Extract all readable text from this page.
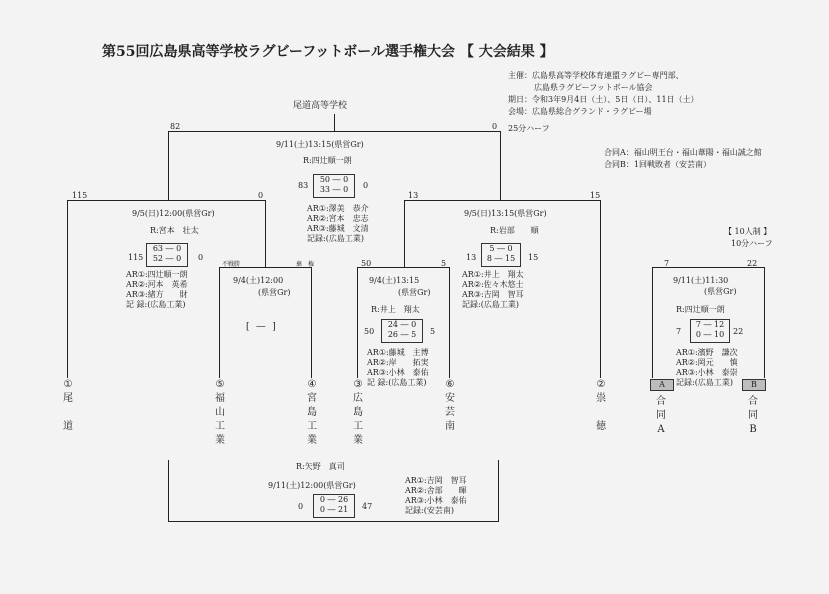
第55回広島県高等学校ラグビーフットボール選手権大会 【 大会結果 】
主催：広島県高等学校体育連盟ラグビー専門部、
広島県ラグビーフットボール協会
期日：令和3年9月4日（土）、5日（日）、11日（土）
会場：広島県総合グランド・ラグビー場
25分ハーフ
合同A：福山明王台・福山葦陽・福山誠之館
合同B：1回戦敗者（安芸南）
尾道高等学校
82	0
9/11(土)13:15(県営Gr)
R:四辻順一朗
83
50 ― 0
33 ― 0	0
AR①:澤美　恭介
AR②:宮本　忠志
AR③:藤城　文清
記録:(広島工業)
115	0
9/5(日)12:00(県営Gr)
R:宮本　壮太
115
63 ― 0
52 ― 0	0
AR①:四辻順一朗
AR②:河本　英希
AR③:緒方　　財
記 録:(広島工業)
13	15
9/5(日)13:15(県営Gr)
R:岩部　　順
13
5 ― 0
8 ― 15	15
AR①:井上　翔太
AR②:佐々木悠士
AR③:吉岡　智耳
記録:(広島工業)
不戦勝	棄　権
9/4(土)12:00
(県営Gr)
[ ― ]
50	5
9/4(土)13:15
(県営Gr)
R:井上　翔太
50
24 ― 0
26 ― 5	5
AR①:藤城　主博
AR②:岸　　拓実
AR③:小林　泰佑
記 録:(広島工業)
【 10人制 】
10分ハーフ
7	22
9/11(土)11:30
(県営Gr)
R:四辻順一朗
7
7 ― 12
0 ― 10	22
AR①:濱野　謙次
AR②:岡元　　慎
AR③:小林　泰崇
記録:(広島工業)
A	B
①
尾
道
⑤
福
山
工
業
④
宮
島
工
業
③
広
島
工
業
⑥
安
芸
南
②
祟
徳
合
同
A
合
同
B
R:矢野　真司
9/11(土)12:00(県営Gr)
0
0 ― 26
0 ― 21	47
AR①:吉岡　智耳
AR②:舎部　　暉
AR③:小林　泰佑
記録:(安芸南)
